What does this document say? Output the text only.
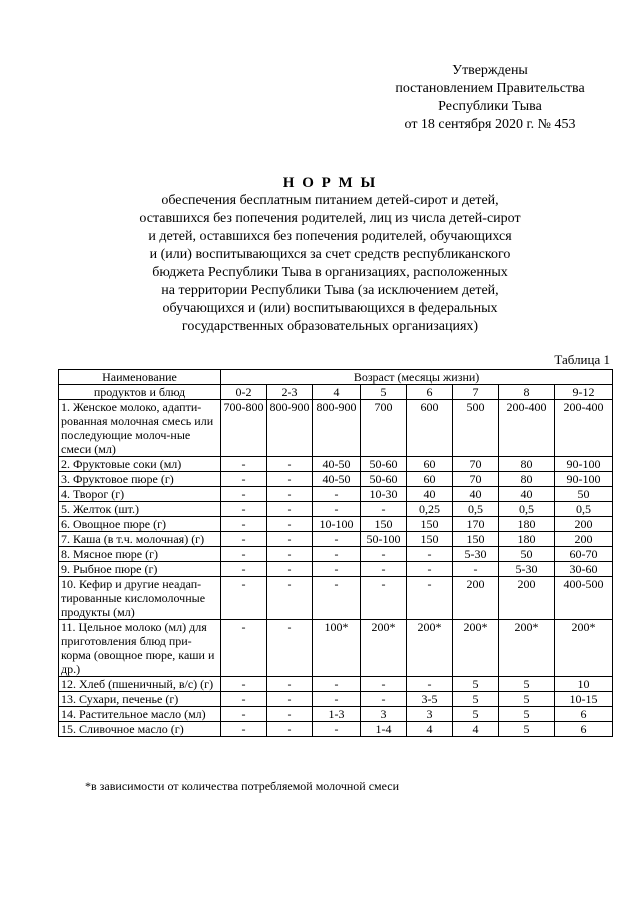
Утверждены
постановлением Правительства
Республики Тыва
от 18 сентября 2020 г. № 453
Н О Р М Ы
обеспечения бесплатным питанием детей-сирот и детей,
оставшихся без попечения родителей, лиц из числа детей-сирот
и детей, оставшихся без попечения родителей, обучающихся
и (или) воспитывающихся за счет средств республиканского
бюджета Республики Тыва в организациях, расположенных
на территории Республики Тыва (за исключением детей,
обучающихся и (или) воспитывающихся в федеральных
государственных образовательных организациях)
Таблица 1
Наименование	Возраст (месяцы жизни)							
продуктов и блюд	0-2	2-3	4	5	6	7	8	9-12
1. Женское молоко, адапти-рованная молочная смесь или последующие молоч-ные смеси (мл)	700-800	800-900	800-900	700	600	500	200-400	200-400
2. Фруктовые соки (мл)	-	-	40-50	50-60	60	70	80	90-100
3. Фруктовое пюре (г)	-	-	40-50	50-60	60	70	80	90-100
4. Творог (г)	-	-	-	10-30	40	40	40	50
5. Желток (шт.)	-	-	-	-	0,25	0,5	0,5	0,5
6. Овощное пюре (г)	-	-	10-100	150	150	170	180	200
7. Каша (в т.ч. молочная) (г)	-	-	-	50-100	150	150	180	200
8. Мясное пюре (г)	-	-	-	-	-	5-30	50	60-70
9. Рыбное пюре (г)	-	-	-	-	-	-	5-30	30-60
10. Кефир и другие неадап-тированные кисломолочные продукты (мл)	-	-	-	-	-	200	200	400-500
11. Цельное молоко (мл) для приготовления блюд при-корма (овощное пюре, каши и др.)	-	-	100*	200*	200*	200*	200*	200*
12. Хлеб (пшеничный, в/с) (г)	-	-	-	-	-	5	5	10
13. Сухари, печенье (г)	-	-	-	-	3-5	5	5	10-15
14. Растительное масло (мл)	-	-	1-3	3	3	5	5	6
15. Сливочное масло (г)	-	-	-	1-4	4	4	5	6
*в зависимости от количества потребляемой молочной смеси
